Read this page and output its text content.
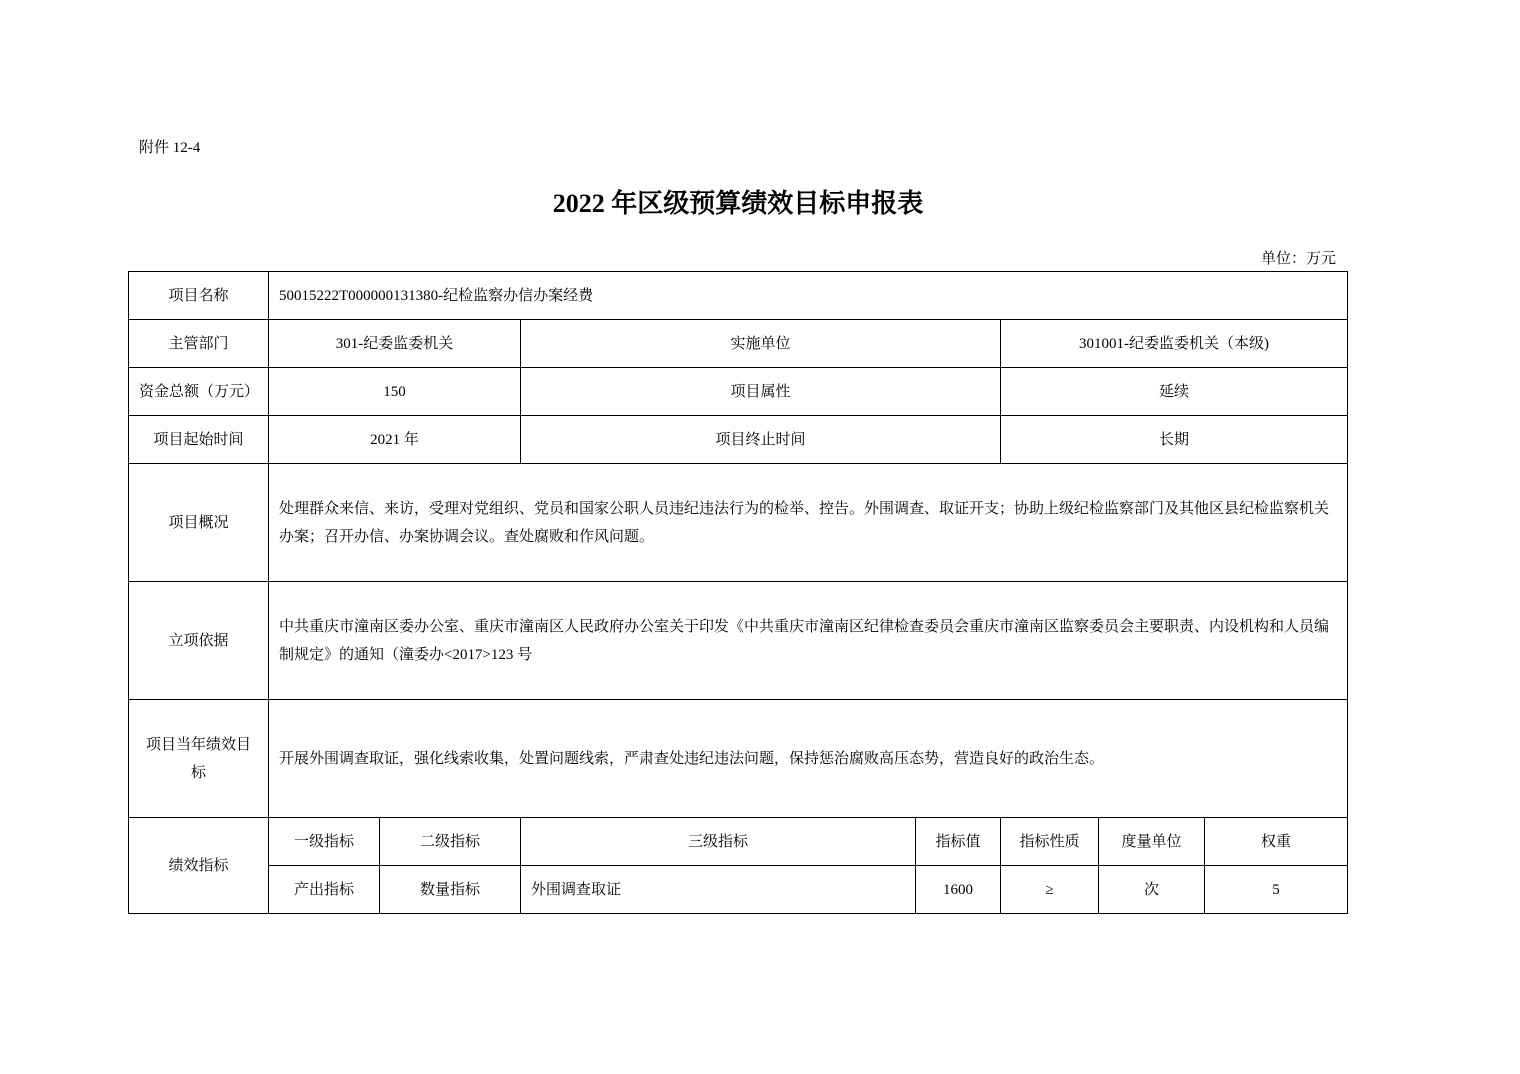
附件 12-4
2022 年区级预算绩效目标申报表
单位：万元
项目名称	50015222T000000131380-纪检监察办信办案经费						
主管部门	301-纪委监委机关		实施单位		301001-纪委监委机关（本级)		
资金总额（万元）	150		项目属性		延续		
项目起始时间	2021 年		项目终止时间		长期		
项目概况	处理群众来信、来访，受理对党组织、党员和国家公职人员违纪违法行为的检举、控告。外围调查、取证开支；协助上级纪检监察部门及其他区县纪检监察机关办案；召开办信、办案协调会议。查处腐败和作风问题。						
立项依据	中共重庆市潼南区委办公室、重庆市潼南区人民政府办公室关于印发《中共重庆市潼南区纪律检查委员会重庆市潼南区监察委员会主要职责、内设机构和人员编制规定》的通知（潼委办<2017>123 号						
项目当年绩效目标	开展外围调查取证，强化线索收集，处置问题线索，严肃查处违纪违法问题，保持惩治腐败高压态势，营造良好的政治生态。						
绩效指标	一级指标	二级指标	三级指标	指标值	指标性质	度量单位	权重
	产出指标	数量指标	外围调查取证	1600	≥	次	5
